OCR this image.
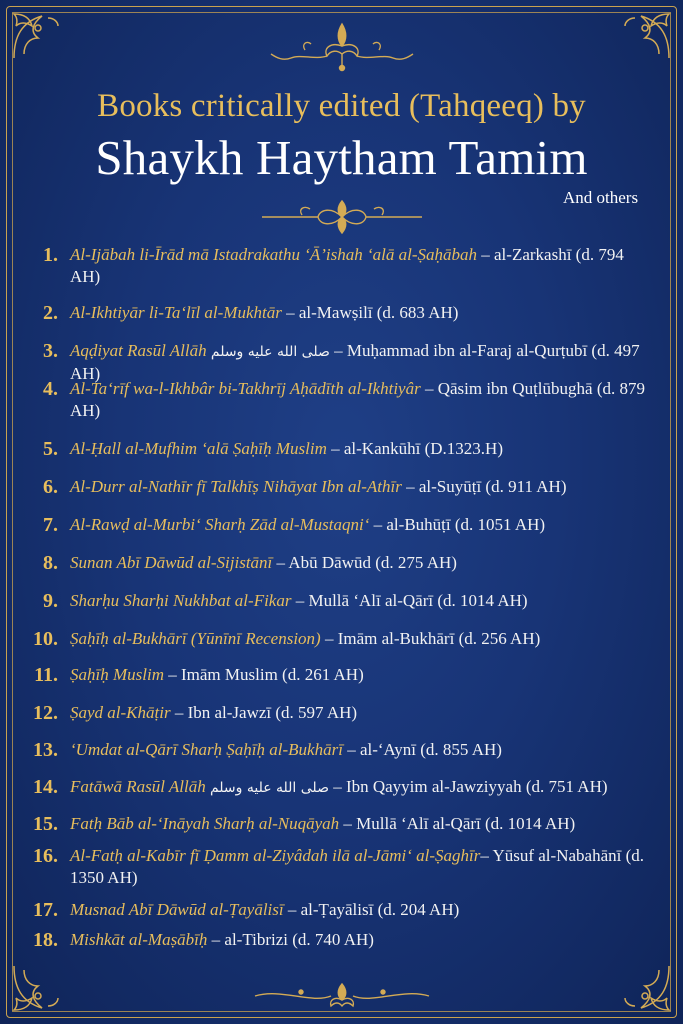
Books critically edited (Tahqeeq) by
Shaykh Haytham Tamim
And others
1. Al-Ijābah li-Īrād mā Istadrakathu ‘Ā’ishah ‘alā al-Ṣaḥābah – al-Zarkashī (d. 794 AH)
2. Al-Ikhtiyār li-Ta‘līl al-Mukhtār – al-Mawṣilī (d. 683 AH)
3. Aqḍiyat Rasūl Allāh صلى الله عليه وسلم – Muḥammad ibn al-Faraj al-Qurṭubī (d. 497 AH)
4. Al-Ta‘rīf wa-l-Ikhbâr bi-Takhrīj Aḥādīth al-Ikhtiyâr – Qāsim ibn Quṭlūbughā (d. 879 AH)
5. Al-Ḥall al-Mufhim ‘alā Ṣaḥīḥ Muslim – al-Kankūhī (D.1323.H)
6. Al-Durr al-Nathīr fī Talkhīṣ Nihāyat Ibn al-Athīr – al-Suyūṭī (d. 911 AH)
7. Al-Rawḍ al-Murbi‘ Sharḥ Zād al-Mustaqni‘ – al-Buhūṭī (d. 1051 AH)
8. Sunan Abī Dāwūd al-Sijistānī – Abū Dāwūd (d. 275 AH)
9. Sharḥu Sharḥi Nukhbat al-Fikar – Mullā ‘Alī al-Qārī (d. 1014 AH)
10. Ṣaḥīḥ al-Bukhārī (Yūnīnī Recension) – Imām al-Bukhārī (d. 256 AH)
11. Ṣaḥīḥ Muslim – Imām Muslim (d. 261 AH)
12. Ṣayd al-Khāṭir – Ibn al-Jawzī (d. 597 AH)
13. ‘Umdat al-Qārī Sharḥ Ṣaḥīḥ al-Bukhārī – al-‘Aynī (d. 855 AH)
14. Fatāwā Rasūl Allāh صلى الله عليه وسلم – Ibn Qayyim al-Jawziyyah (d. 751 AH)
15. Fatḥ Bāb al-‘Ināyah Sharḥ al-Nuqāyah – Mullā ‘Alī al-Qārī (d. 1014 AH)
16. Al-Fatḥ al-Kabīr fī Ḍamm al-Ziyâdah ilā al-Jāmi‘ al-Ṣaghīr– Yūsuf al-Nabahānī (d. 1350 AH)
17. Musnad Abī Dāwūd al-Ṭayālisī – al-Ṭayālisī (d. 204 AH)
18. Mishkāt al-Maṣābīḥ – al-Tibrizi (d. 740 AH)
